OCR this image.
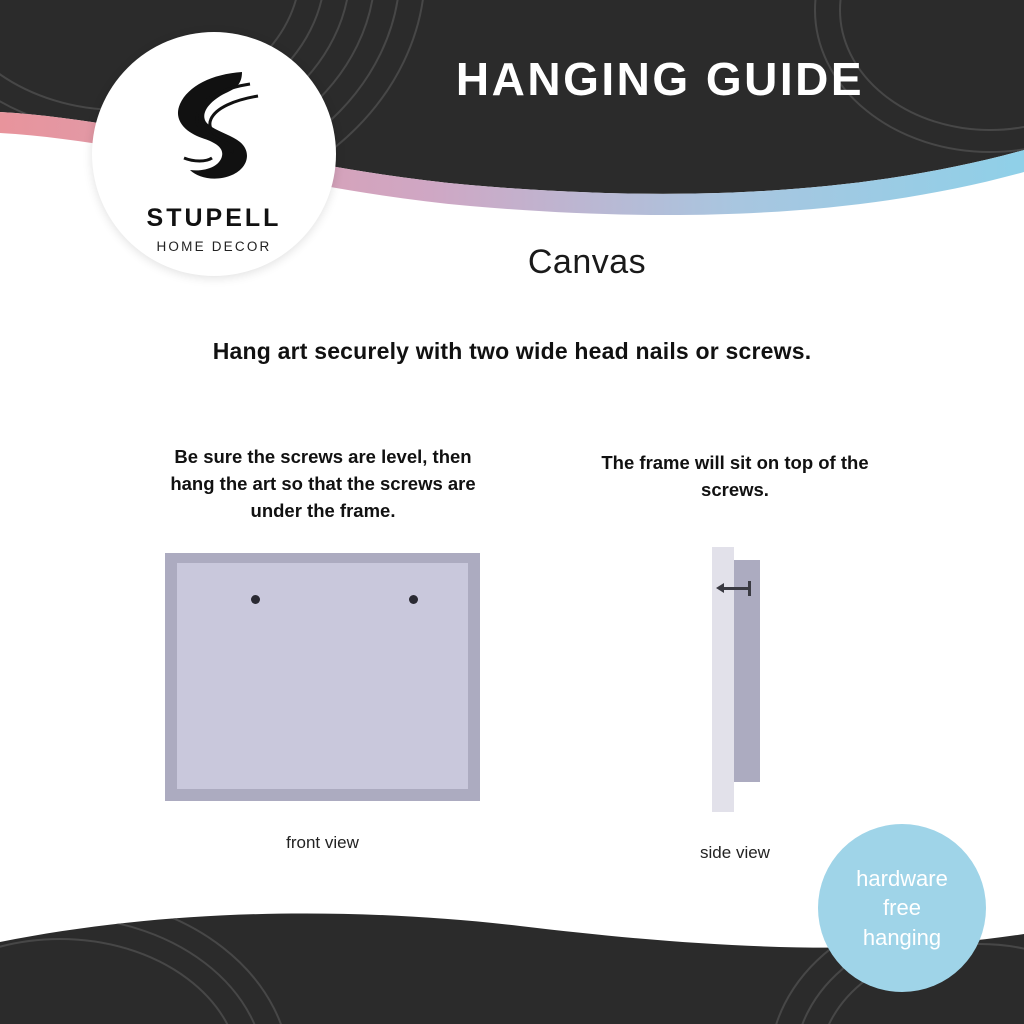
HANGING GUIDE
STUPELL
HOME DECOR	Canvas
Hang art securely with two wide head nails or screws.
Be sure the screws are level, then hang the art so that the screws are under the frame.
front view
The frame will sit on top of the screws.
side view
hardware
free
hanging
